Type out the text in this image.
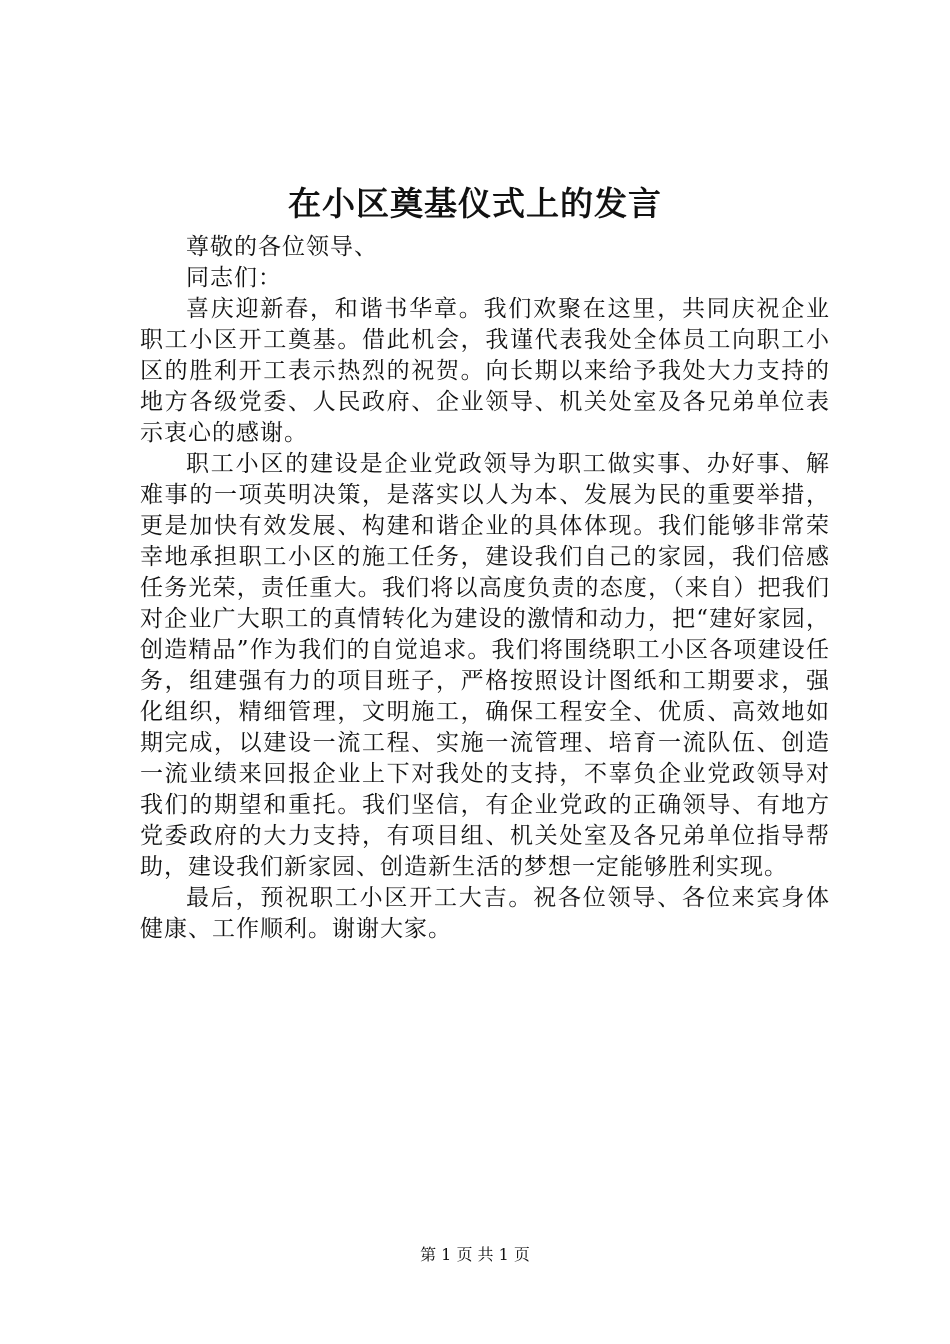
在小区奠基仪式上的发言

尊敬的各位领导、

同志们：

喜庆迎新春，和谐书华章。我们欢聚在这里，共同庆祝企业职工小区开工奠基。借此机会，我谨代表我处全体员工向职工小区的胜利开工表示热烈的祝贺。向长期以来给予我处大力支持的地方各级党委、人民政府、企业领导、机关处室及各兄弟单位表示衷心的感谢。

职工小区的建设是企业党政领导为职工做实事、办好事、解难事的一项英明决策，是落实以人为本、发展为民的重要举措，更是加快有效发展、构建和谐企业的具体体现。我们能够非常荣幸地承担职工小区的施工任务，建设我们自己的家园，我们倍感任务光荣，责任重大。我们将以高度负责的态度，（来自）把我们对企业广大职工的真情转化为建设的激情和动力，把“建好家园，创造精品”作为我们的自觉追求。我们将围绕职工小区各项建设任务，组建强有力的项目班子，严格按照设计图纸和工期要求，强化组织，精细管理，文明施工，确保工程安全、优质、高效地如期完成，以建设一流工程、实施一流管理、培育一流队伍、创造一流业绩来回报企业上下对我处的支持，不辜负企业党政领导对我们的期望和重托。我们坚信，有企业党政的正确领导、有地方党委政府的大力支持，有项目组、机关处室及各兄弟单位指导帮助，建设我们新家园、创造新生活的梦想一定能够胜利实现。

最后，预祝职工小区开工大吉。祝各位领导、各位来宾身体健康、工作顺利。谢谢大家。

第 1 页 共 1 页
